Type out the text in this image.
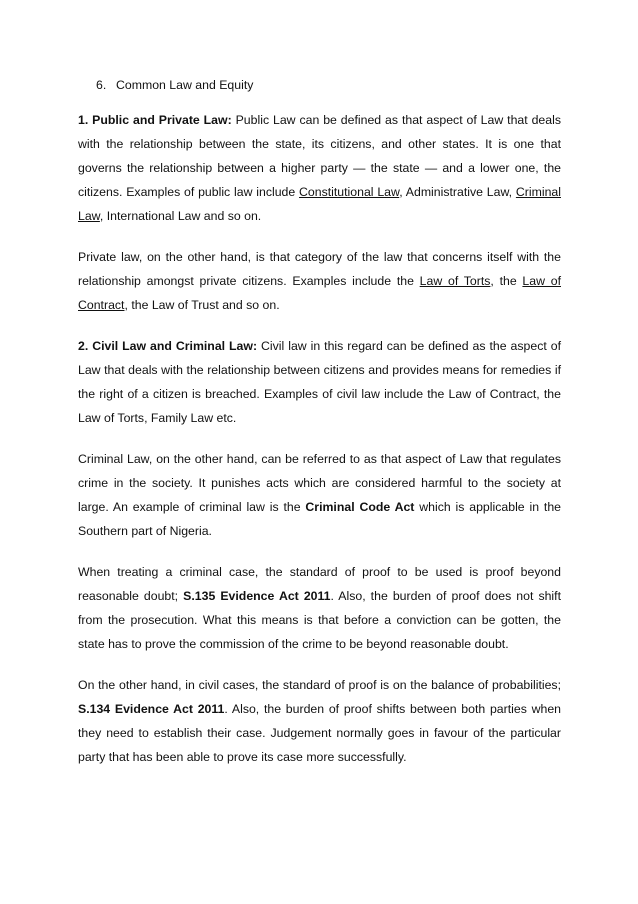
6. Common Law and Equity

1. Public and Private Law: Public Law can be defined as that aspect of Law that deals with the relationship between the state, its citizens, and other states. It is one that governs the relationship between a higher party — the state — and a lower one, the citizens. Examples of public law include Constitutional Law, Administrative Law, Criminal Law, International Law and so on.

Private law, on the other hand, is that category of the law that concerns itself with the relationship amongst private citizens. Examples include the Law of Torts, the Law of Contract, the Law of Trust and so on.

2. Civil Law and Criminal Law: Civil law in this regard can be defined as the aspect of Law that deals with the relationship between citizens and provides means for remedies if the right of a citizen is breached. Examples of civil law include the Law of Contract, the Law of Torts, Family Law etc.

Criminal Law, on the other hand, can be referred to as that aspect of Law that regulates crime in the society. It punishes acts which are considered harmful to the society at large. An example of criminal law is the Criminal Code Act which is applicable in the Southern part of Nigeria.

When treating a criminal case, the standard of proof to be used is proof beyond reasonable doubt; S.135 Evidence Act 2011. Also, the burden of proof does not shift from the prosecution. What this means is that before a conviction can be gotten, the state has to prove the commission of the crime to be beyond reasonable doubt.

On the other hand, in civil cases, the standard of proof is on the balance of probabilities; S.134 Evidence Act 2011. Also, the burden of proof shifts between both parties when they need to establish their case. Judgement normally goes in favour of the particular party that has been able to prove its case more successfully.
